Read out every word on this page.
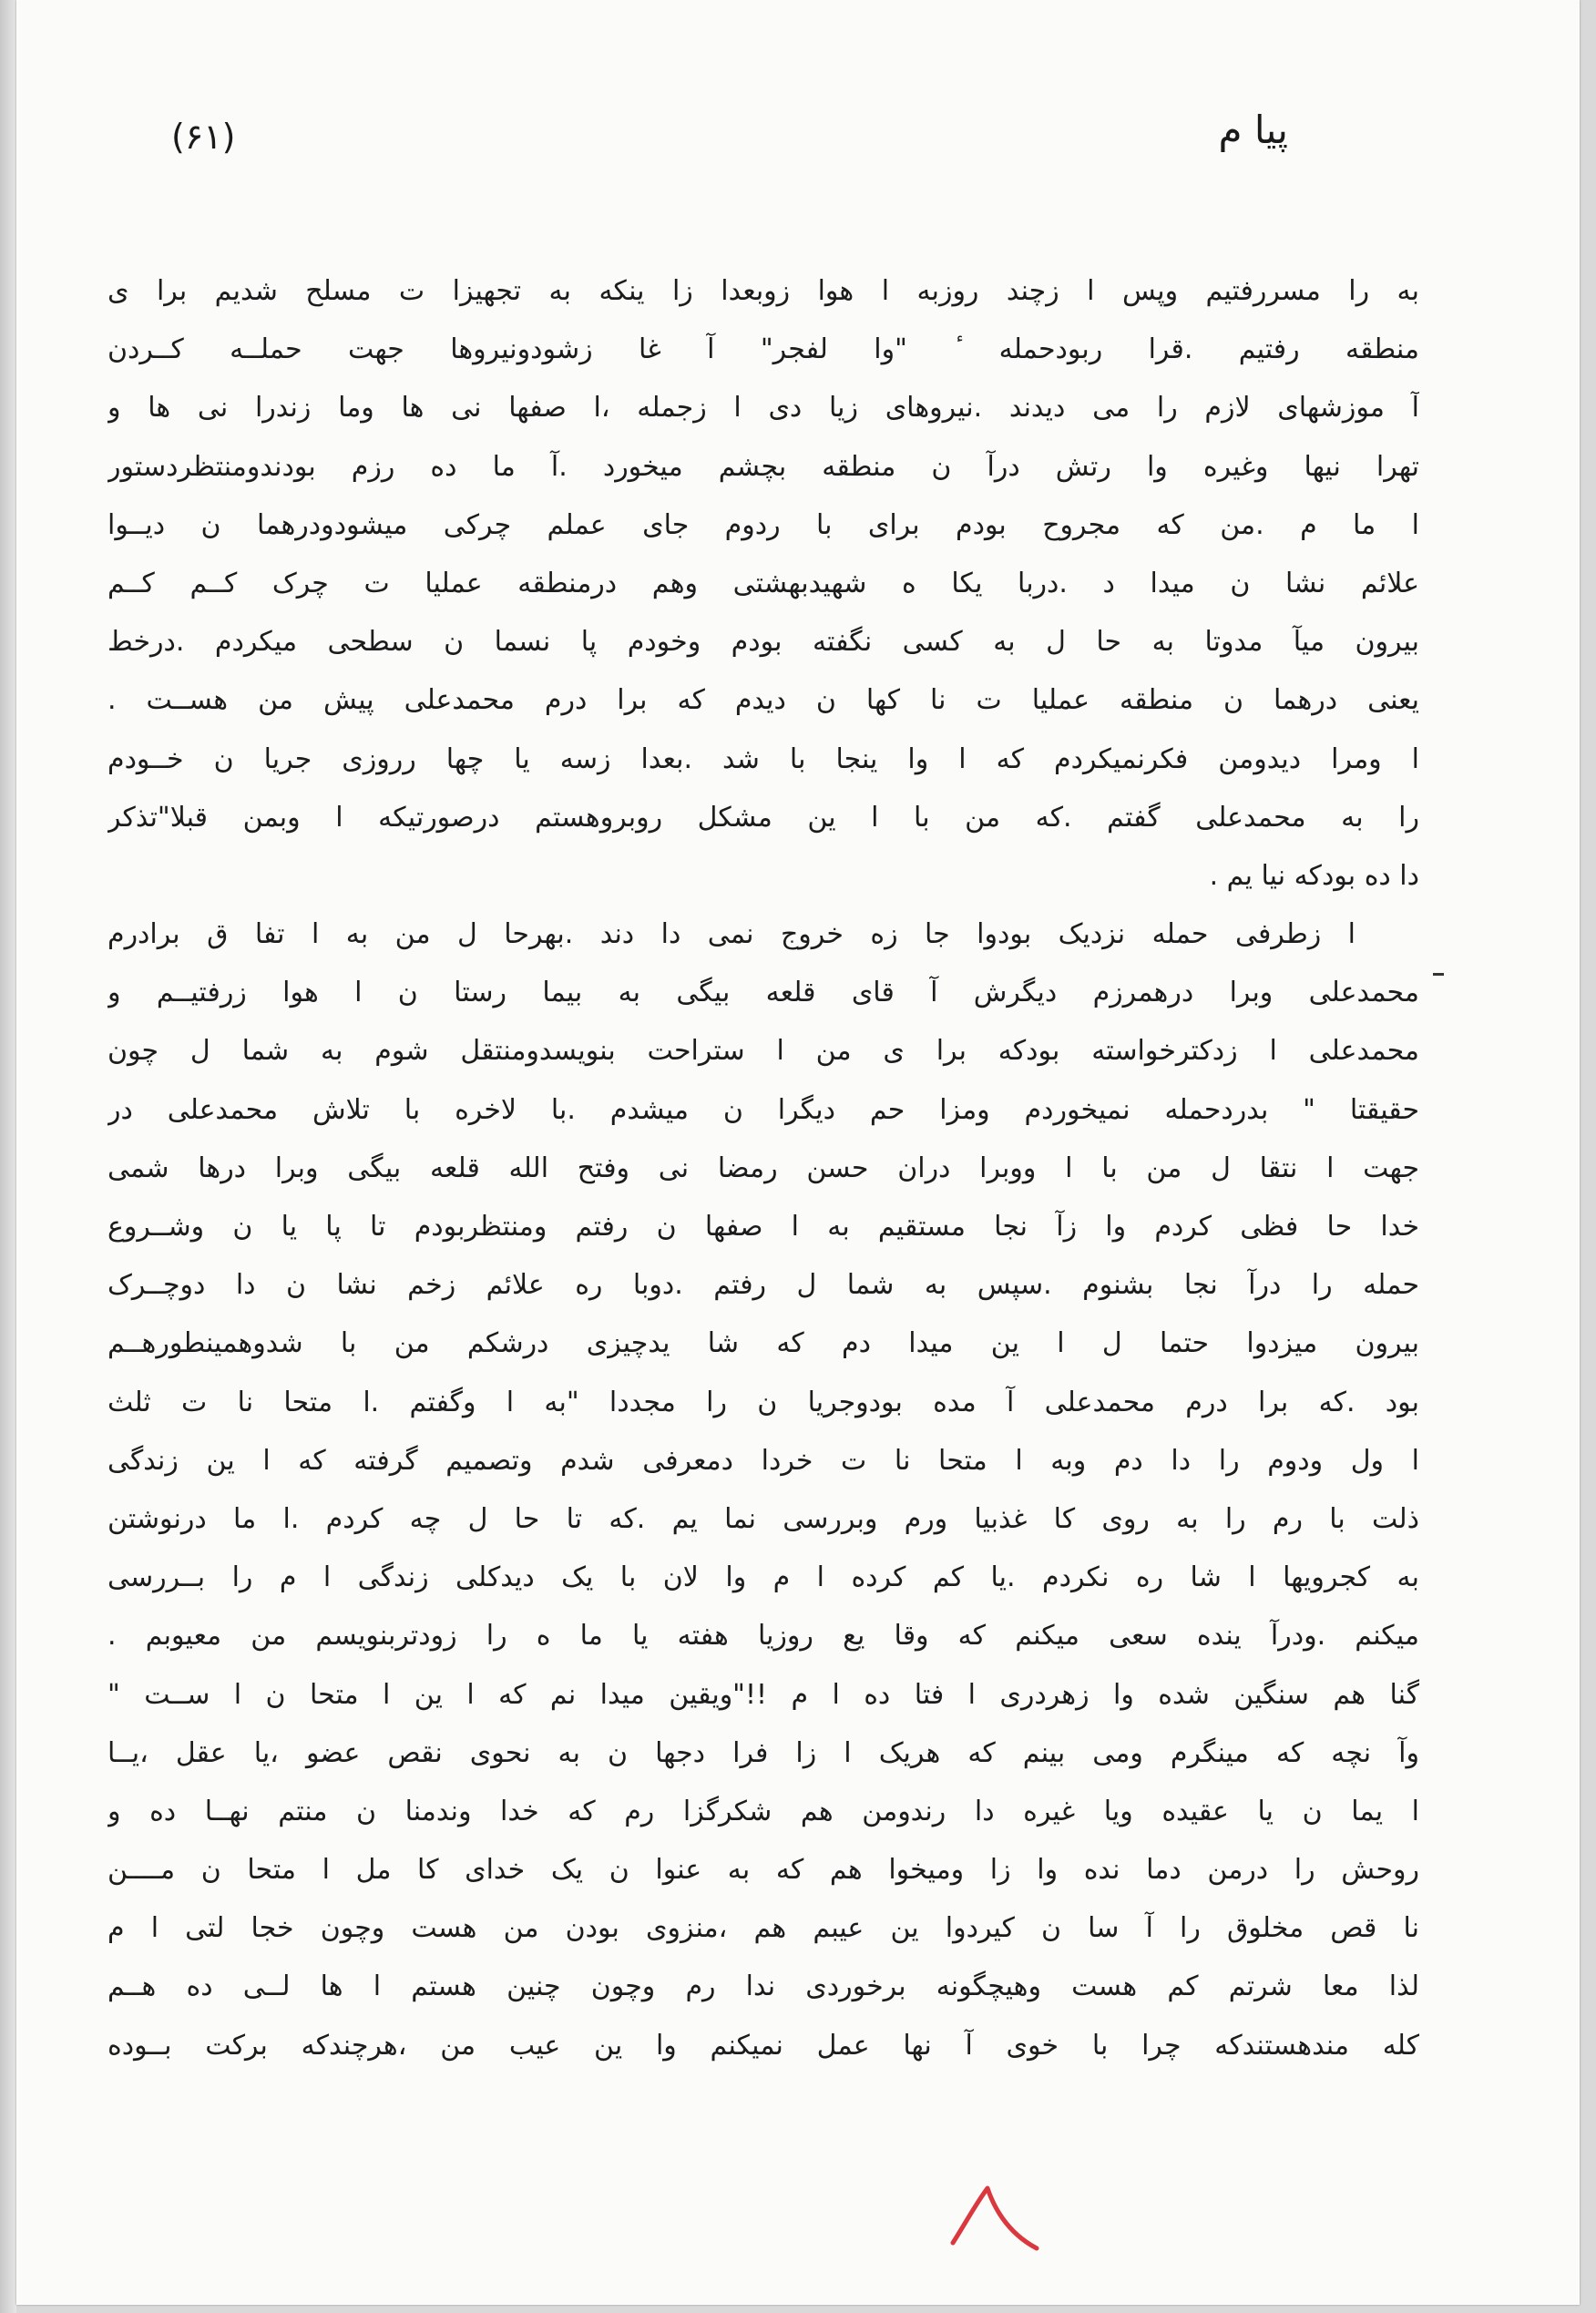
پیا م
(۶۱)
به را مسررفتیم وپس ا زچند روزبه ا هوا زوبعدا زا ینکه به تجهیزا ت مسلح شدیم برا ی
منطقه رفتیم .قرا ربودحمله ٔ "وا لفجر" آ غا زشودونیروها جهت حملــه کــردن
آ موزشهای لازم را می دیدند .نیروهای زیا دی ا زجمله ،ا صفها نی ها وما زندرا نی ها و
تهرا نیها وغیره وا رتش درآ ن منطقه بچشم میخورد .آ ما ده رزم بودندومنتظردستور
ا ما م .من که مجروح بودم برای با ردوم جای عملم چرکی میشودودرهما ن دیــوا
علائم نشا ن میدا د .دربا یکا ه شهیدبهشتی وهم درمنطقه عملیا ت چرک کــم کــم
بیرون میآ مدوتا به حا ل به کسی نگفته بودم وخودم پا نسما ن سطحی میکردم .درخط
یعنی درهما ن منطقه عملیا ت نا کها ن دیدم که برا درم محمدعلی پیش من هســت .
ا ومرا دیدومن فکرنمیکردم که ا وا ینجا با شد .بعدا زسه یا چها رروزی جریا ن خــودم
را به محمدعلی گفتم .که من با ا ین مشکل روبروهستم درصورتیکه ا وبمن قبلا"تذکر
دا ده بودکه نیا یم .
ا زطرفی حمله نزدیک بودوا جا زه خروج نمی دا دند .بهرحا ل من به ا تفا ق برادرم
محمدعلی وبرا درهمرزم دیگرش آ قای قلعه بیگی به بیما رستا ن ا هوا زرفتیــم و
محمدعلی ا زدکترخواسته بودکه برا ی من ا ستراحت بنویسدومنتقل شوم به شما ل چون
حقیقتا " بدردحمله نمیخوردم ومزا حم دیگرا ن میشدم .با لاخره با تلاش محمدعلی در
جهت ا نتقا ل من با ا ووبرا دران حسن رمضا نی وفتح الله قلعه بیگی وبرا درها شمی
خدا حا فظی کردم وا زآ نجا مستقیم به ا صفها ن رفتم ومنتظربودم تا پا یا ن وشــروع
حمله را درآ نجا بشنوم .سپس به شما ل رفتم .دوبا ره علائم زخم نشا ن دا دوچــرک
بیرون میزدوا حتما ل ا ین میدا دم که شا یدچیزی درشکم من با شدوهمینطورهــم
بود .که برا درم محمدعلی آ مده بودوجریا ن را مجددا "به ا وگفتم .ا متحا نا ت ثلث
ا ول ودوم را دا دم وبه ا متحا نا ت خردا دمعرفی شدم وتصمیم گرفته که ا ین زندگی
ذلت با رم را به روی کا غذبیا ورم وبررسی نما یم .که تا حا ل چه کردم .ا ما درنوشتن
به کجرویها ا شا ره نکردم .یا کم کرده ا م وا لان با یک دیدکلی زندگی ا م را بــررسی
میکنم .ودرآ ینده سعی میکنم که وقا یع روزیا هفته یا ما ه را زودتربنویسم من معیوبم .
گنا هم سنگین شده وا زهردری ا فتا ده ا م !!"ویقین میدا نم که ا ین ا متحا ن ا ســت "
وآ نچه که مینگرم ومی بینم که هریک ا زا فرا دجها ن به نحوی نقص عضو ،یا عقل ،یــا
ا یما ن یا عقیده ویا غیره دا رندومن هم شکرگزا رم که خدا وندمنا ن منتم نهــا ده و
روحش را درمن دما نده وا زا ومیخوا هم که به عنوا ن یک خدای کا مل ا متحا ن مــــن
نا قص مخلوق را آ سا ن کیردوا ین عیبم هم ،منزوی بودن من هست وچون خجا لتی ا م
لذا معا شرتم کم هست وهیچگونه برخوردی ندا رم وچون چنین هستم ا ها لــی ده هــم
کله مندهستندکه چرا با خوی آ نها عمل نمیکنم وا ین عیب من ،هرچندکه برکت بــوده
